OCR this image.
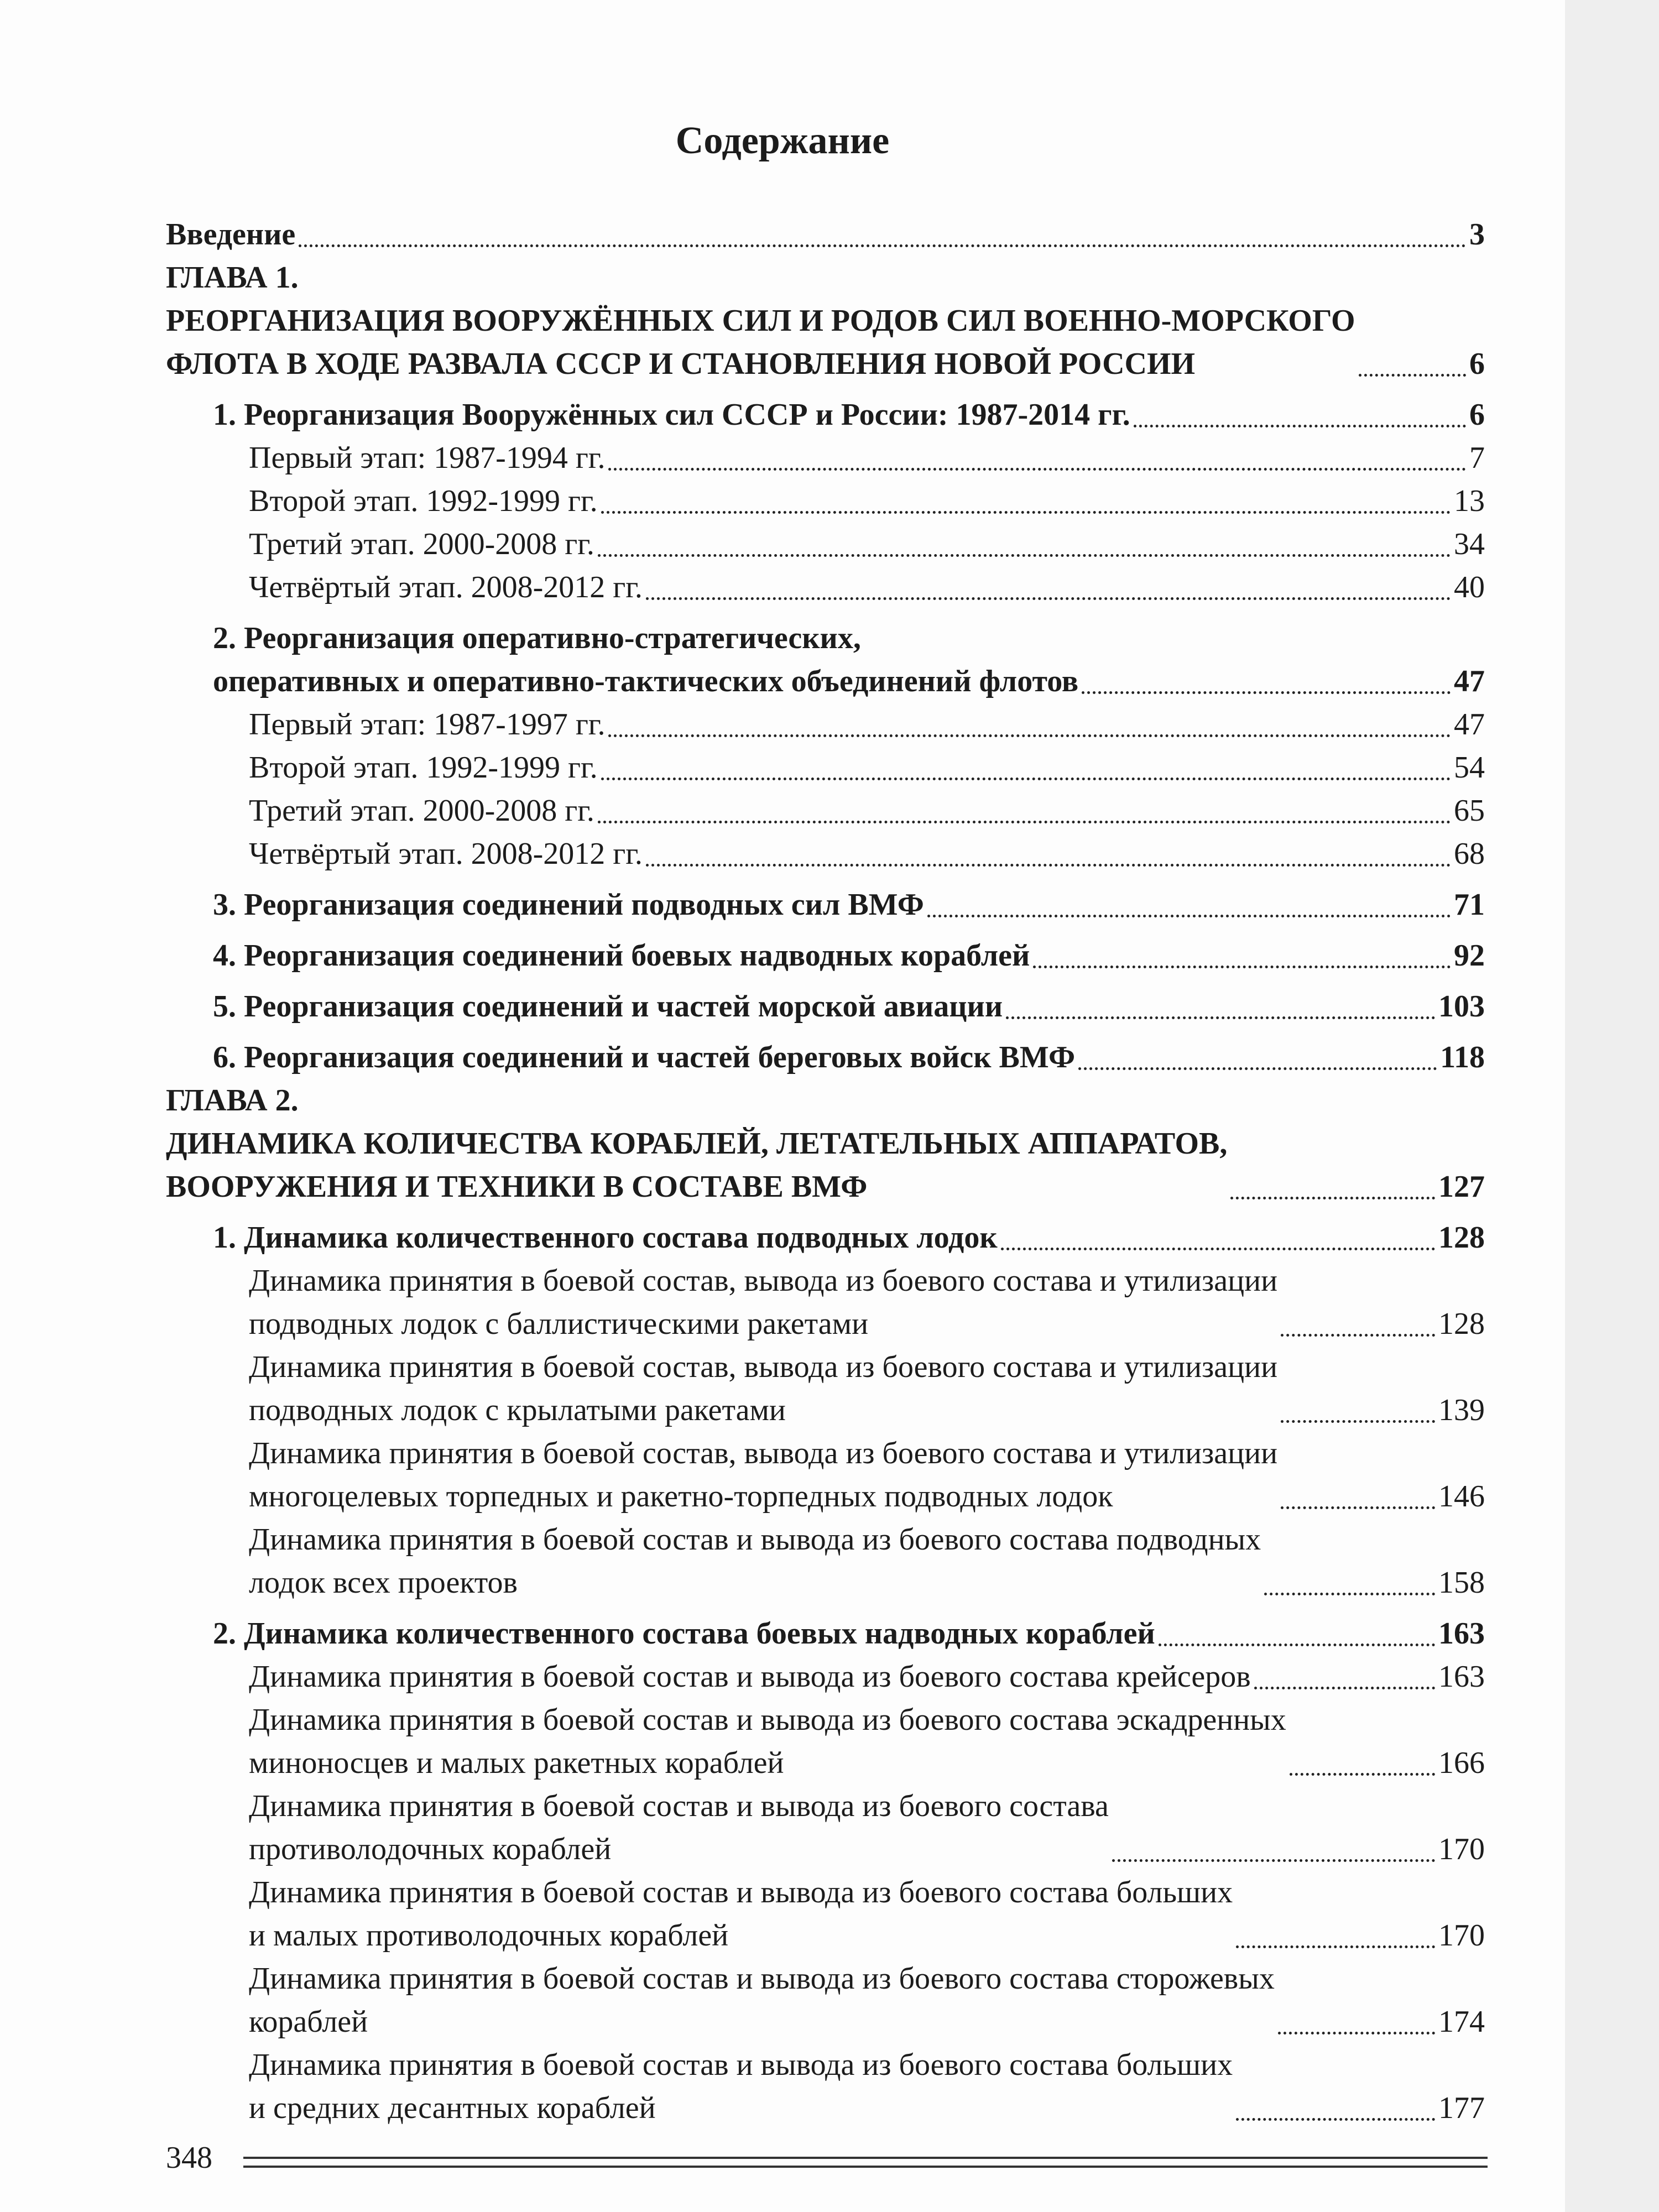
Содержание
Введение	3
ГЛАВА 1.
РЕОРГАНИЗАЦИЯ ВООРУЖЁННЫХ СИЛ И РОДОВ СИЛ ВОЕННО-МОРСКОГО
ФЛОТА В ХОДЕ РАЗВАЛА СССР И СТАНОВЛЕНИЯ НОВОЙ РОССИИ	6
1. Реорганизация Вооружённых сил СССР и России: 1987-2014 гг.	6
Первый этап: 1987-1994 гг.	7
Второй этап. 1992-1999 гг.	13
Третий этап. 2000-2008 гг.	34
Четвёртый этап. 2008-2012 гг.	40
2. Реорганизация оперативно-стратегических,
оперативных и оперативно-тактических объединений флотов	47
Первый этап: 1987-1997 гг.	47
Второй этап. 1992-1999 гг.	54
Третий этап. 2000-2008 гг.	65
Четвёртый этап. 2008-2012 гг.	68
3. Реорганизация соединений подводных сил ВМФ	71
4. Реорганизация соединений боевых надводных кораблей	92
5. Реорганизация соединений и частей морской авиации	103
6. Реорганизация соединений и частей береговых войск ВМФ	118
ГЛАВА 2.
ДИНАМИКА КОЛИЧЕСТВА КОРАБЛЕЙ, ЛЕТАТЕЛЬНЫХ АППАРАТОВ,
ВООРУЖЕНИЯ И ТЕХНИКИ В СОСТАВЕ ВМФ	127
1. Динамика количественного состава подводных лодок	128
Динамика принятия в боевой состав, вывода из боевого состава и утилизации
подводных лодок с баллистическими ракетами	128
Динамика принятия в боевой состав, вывода из боевого состава и утилизации
подводных лодок с крылатыми ракетами	139
Динамика принятия в боевой состав, вывода из боевого состава и утилизации
многоцелевых торпедных и ракетно-торпедных подводных лодок	146
Динамика принятия в боевой состав и вывода из боевого состава подводных
лодок всех проектов	158
2. Динамика количественного состава боевых надводных кораблей	163
Динамика принятия в боевой состав и вывода из боевого состава крейсеров	163
Динамика принятия в боевой состав и вывода из боевого состава эскадренных
миноносцев и малых ракетных кораблей	166
Динамика принятия в боевой состав и вывода из боевого состава
противолодочных кораблей	170
Динамика принятия в боевой состав и вывода из боевого состава больших
и малых противолодочных кораблей	170
Динамика принятия в боевой состав и вывода из боевого состава сторожевых
кораблей	174
Динамика принятия в боевой состав и вывода из боевого состава больших
и средних десантных кораблей	177
348
